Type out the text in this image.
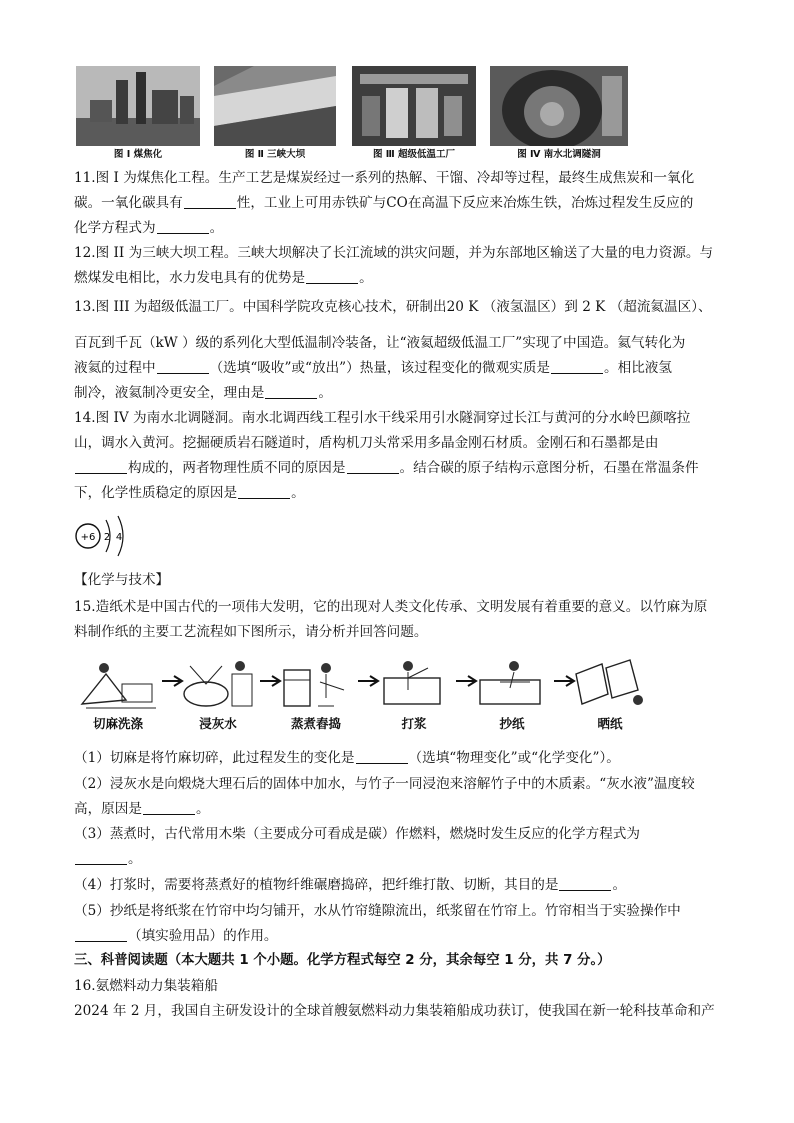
图 Ⅰ 煤焦化	图 Ⅱ 三峡大坝	图 Ⅲ 超级低温工厂	图 Ⅳ 南水北调隧洞
11.图 I 为煤焦化工程。生产工艺是煤炭经过一系列的热解、干馏、冷却等过程，最终生成焦炭和一氧化
碳。一氧化碳具有	性，工业上可用赤铁矿与CO在高温下反应来冶炼生铁，冶炼过程发生反应的
化学方程式为	。
12.图 II 为三峡大坝工程。三峡大坝解决了长江流域的洪灾问题，并为东部地区输送了大量的电力资源。与
燃煤发电相比，水力发电具有的优势是	。
13.图 III 为超级低温工厂。中国科学院攻克核心技术，研制出20 K （液氢温区）到 2 K （超流氦温区）、
百瓦到千瓦（kW ）级的系列化大型低温制冷装备，让“液氦超级低温工厂”实现了中国造。氦气转化为
液氦的过程中	（选填“吸收”或“放出”）热量，该过程变化的微观实质是	。相比液氢
制冷，液氦制冷更安全，理由是	。
14.图 IV 为南水北调隧洞。南水北调西线工程引水干线采用引水隧洞穿过长江与黄河的分水岭巴颜喀拉
山，调水入黄河。挖掘硬质岩石隧道时，盾构机刀头常采用多晶金刚石材质。金刚石和石墨都是由
构成的，两者物理性质不同的原因是	。结合碳的原子结构示意图分析，石墨在常温条件
下，化学性质稳定的原因是	。
+6 2 4
【化学与技术】
15.造纸术是中国古代的一项伟大发明，它的出现对人类文化传承、文明发展有着重要的意义。以竹麻为原
料制作纸的主要工艺流程如下图所示，请分析并回答问题。
切麻洗涤	浸灰水	蒸煮舂捣	打浆	抄纸	晒纸
（1）切麻是将竹麻切碎，此过程发生的变化是	（选填“物理变化”或“化学变化”）。
（2）浸灰水是向煅烧大理石后的固体中加水，与竹子一同浸泡来溶解竹子中的木质素。“灰水液”温度较
高，原因是	。
（3）蒸煮时，古代常用木柴（主要成分可看成是碳）作燃料，燃烧时发生反应的化学方程式为
。
（4）打浆时，需要将蒸煮好的植物纤维碾磨捣碎，把纤维打散、切断，其目的是	。
（5）抄纸是将纸浆在竹帘中均匀铺开，水从竹帘缝隙流出，纸浆留在竹帘上。竹帘相当于实验操作中
（填实验用品）的作用。
三、科普阅读题（本大题共 1 个小题。化学方程式每空 2 分，其余每空 1 分，共 7 分。）
16.氨燃料动力集装箱船
2024 年 2 月，我国自主研发设计的全球首艘氨燃料动力集装箱船成功获订，使我国在新一轮科技革命和产
